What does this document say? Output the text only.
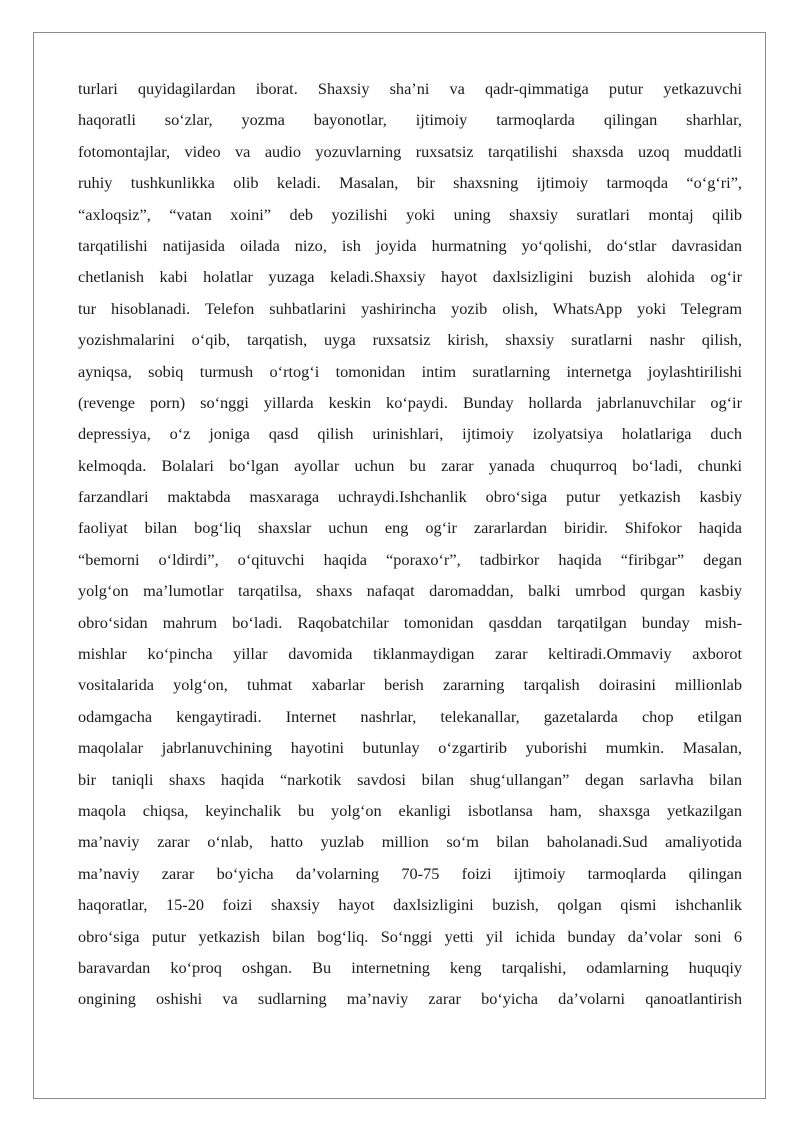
turlari quyidagilardan iborat. Shaxsiy sha’ni va qadr-qimmatiga putur yetkazuvchi
haqoratli so‘zlar, yozma bayonotlar, ijtimoiy tarmoqlarda qilingan sharhlar,
fotomontajlar, video va audio yozuvlarning ruxsatsiz tarqatilishi shaxsda uzoq muddatli
ruhiy tushkunlikka olib keladi. Masalan, bir shaxsning ijtimoiy tarmoqda “o‘g‘ri”,
“axloqsiz”, “vatan xoini” deb yozilishi yoki uning shaxsiy suratlari montaj qilib
tarqatilishi natijasida oilada nizo, ish joyida hurmatning yo‘qolishi, do‘stlar davrasidan
chetlanish kabi holatlar yuzaga keladi.Shaxsiy hayot daxlsizligini buzish alohida og‘ir
tur hisoblanadi. Telefon suhbatlarini yashirincha yozib olish, WhatsApp yoki Telegram
yozishmalarini o‘qib, tarqatish, uyga ruxsatsiz kirish, shaxsiy suratlarni nashr qilish,
ayniqsa, sobiq turmush o‘rtog‘i tomonidan intim suratlarning internetga joylashtirilishi
(revenge porn) so‘nggi yillarda keskin ko‘paydi. Bunday hollarda jabrlanuvchilar og‘ir
depressiya, o‘z joniga qasd qilish urinishlari, ijtimoiy izolyatsiya holatlariga duch
kelmoqda. Bolalari bo‘lgan ayollar uchun bu zarar yanada chuqurroq bo‘ladi, chunki
farzandlari maktabda masxaraga uchraydi.Ishchanlik obro‘siga putur yetkazish kasbiy
faoliyat bilan bog‘liq shaxslar uchun eng og‘ir zararlardan biridir. Shifokor haqida
“bemorni o‘ldirdi”, o‘qituvchi haqida “poraxo‘r”, tadbirkor haqida “firibgar” degan
yolg‘on ma’lumotlar tarqatilsa, shaxs nafaqat daromaddan, balki umrbod qurgan kasbiy
obro‘sidan mahrum bo‘ladi. Raqobatchilar tomonidan qasddan tarqatilgan bunday mish-
mishlar ko‘pincha yillar davomida tiklanmaydigan zarar keltiradi.Ommaviy axborot
vositalarida yolg‘on, tuhmat xabarlar berish zararning tarqalish doirasini millionlab
odamgacha kengaytiradi. Internet nashrlar, telekanallar, gazetalarda chop etilgan
maqolalar jabrlanuvchining hayotini butunlay o‘zgartirib yuborishi mumkin. Masalan,
bir taniqli shaxs haqida “narkotik savdosi bilan shug‘ullangan” degan sarlavha bilan
maqola chiqsa, keyinchalik bu yolg‘on ekanligi isbotlansa ham, shaxsga yetkazilgan
ma’naviy zarar o‘nlab, hatto yuzlab million so‘m bilan baholanadi.Sud amaliyotida
ma’naviy zarar bo‘yicha da’volarning 70-75 foizi ijtimoiy tarmoqlarda qilingan
haqoratlar, 15-20 foizi shaxsiy hayot daxlsizligini buzish, qolgan qismi ishchanlik
obro‘siga putur yetkazish bilan bog‘liq. So‘nggi yetti yil ichida bunday da’volar soni 6
baravardan ko‘proq oshgan. Bu internetning keng tarqalishi, odamlarning huquqiy
ongining oshishi va sudlarning ma’naviy zarar bo‘yicha da’volarni qanoatlantirish
